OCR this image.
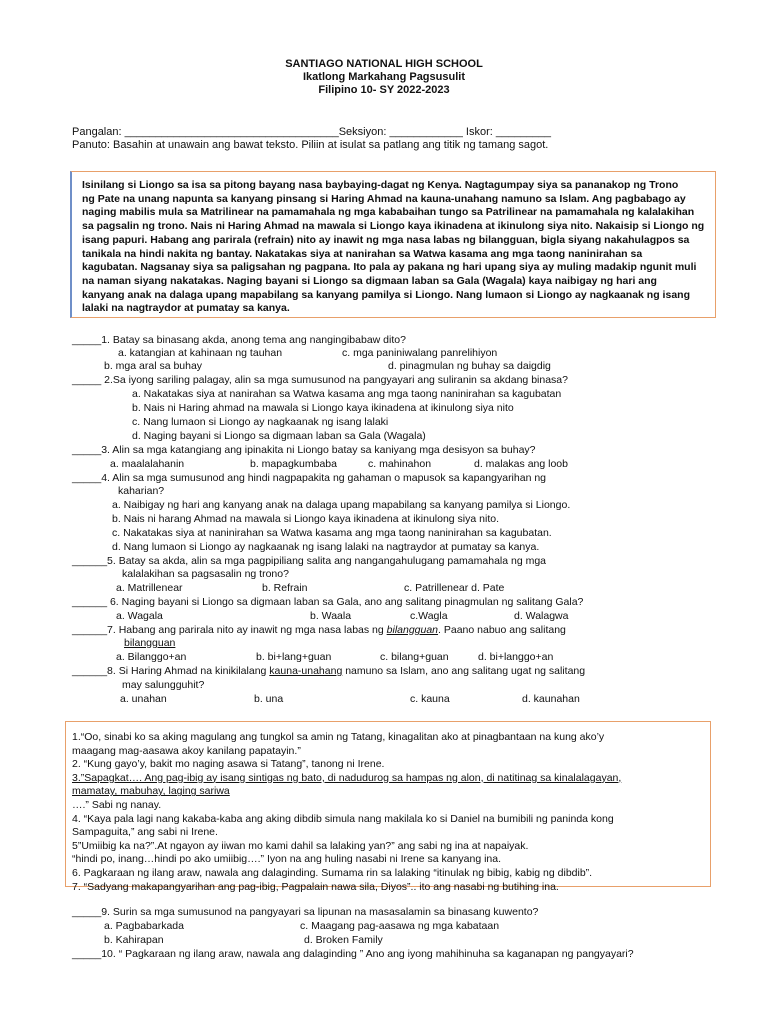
SANTIAGO NATIONAL HIGH SCHOOL
Ikatlong Markahang Pagsusulit
Filipino 10- SY 2022-2023
Pangalan: ___________________________________Seksiyon: ____________ Iskor: _________
Panuto: Basahin at unawain ang bawat teksto. Piliin at isulat sa patlang ang titik ng tamang sagot.
Isinilang si Liongo sa isa sa pitong bayang nasa baybaying-dagat ng Kenya. Nagtagumpay siya sa pananakop ng Trono
ng Pate na unang napunta sa kanyang pinsang si Haring Ahmad na kauna-unahang namuno sa Islam. Ang pagbabago ay
naging mabilis mula sa Matrilinear na pamamahala ng mga kababaihan tungo sa Patrilinear na pamamahala ng kalalakihan
sa pagsalin ng trono. Nais ni Haring Ahmad na mawala si Liongo kaya ikinadena at ikinulong siya nito. Nakaisip si Liongo ng
isang papuri. Habang ang parirala (refrain) nito ay inawit ng mga nasa labas ng bilangguan, bigla siyang nakahulagpos sa
tanikala na hindi nakita ng bantay. Nakatakas siya at nanirahan sa Watwa kasama ang mga taong naninirahan sa
kagubatan. Nagsanay siya sa paligsahan ng pagpana. Ito pala ay pakana ng hari upang siya ay muling madakip ngunit muli
na naman siyang nakatakas. Naging bayani si Liongo sa digmaan laban sa Gala (Wagala) kaya naibigay ng hari ang
kanyang anak na dalaga upang mapabilang sa kanyang pamilya si Liongo. Nang lumaon si Liongo ay nagkaanak ng isang
lalaki na nagtraydor at pumatay sa kanya.
_____1. Batay sa binasang akda, anong tema ang nangingibabaw dito?
a. katangian at kahinaan ng tauhan	c. mga paniniwalang panrelihiyon
b. mga aral sa buhay	d. pinagmulan ng buhay sa daigdig
_____ 2.Sa iyong sariling palagay, alin sa mga sumusunod na pangyayari ang suliranin sa akdang binasa?
a. Nakatakas siya at nanirahan sa Watwa kasama ang mga taong naninirahan sa kagubatan
b. Nais ni Haring ahmad na mawala si Liongo kaya ikinadena at ikinulong siya nito
c. Nang lumaon si Liongo ay nagkaanak ng isang lalaki
d. Naging bayani si Liongo sa digmaan laban sa Gala (Wagala)
_____3. Alin sa mga katangiang ang ipinakita ni Liongo batay sa kaniyang mga desisyon sa buhay?
a. maalalahanin	b. mapagkumbaba	c. mahinahon	d. malakas ang loob
_____4. Alin sa mga sumusunod ang hindi nagpapakita ng gahaman o mapusok sa kapangyarihan ng
kaharian?
a. Naibigay ng hari ang kanyang anak na dalaga upang mapabilang sa kanyang pamilya si Liongo.
b. Nais ni harang Ahmad na mawala si Liongo kaya ikinadena at ikinulong siya nito.
c. Nakatakas siya at naninirahan sa Watwa kasama ang mga taong naninirahan sa kagubatan.
d. Nang lumaon si Liongo ay nagkaanak ng isang lalaki na nagtraydor at pumatay sa kanya.
______5. Batay sa akda, alin sa mga pagpipiliang salita ang nangangahulugang pamamahala ng mga
kalalakihan sa pagsasalin ng trono?
a. Matrillenear	b. Refrain	c. Patrillenear d. Pate
______ 6. Naging bayani si Liongo sa digmaan laban sa Gala, ano ang salitang pinagmulan ng salitang Gala?
a. Wagala	b. Waala	c.Wagla	d. Walagwa
______7. Habang ang parirala nito ay inawit ng mga nasa labas ng bilangguan. Paano nabuo ang salitang
bilangguan
a. Bilanggo+an	b. bi+lang+guan	c. bilang+guan	d. bi+langgo+an
______8. Si Haring Ahmad na kinikilalang kauna-unahang namuno sa Islam, ano ang salitang ugat ng salitang
may salungguhit?
a. unahan	b. una	c. kauna	d. kaunahan
1.“Oo, sinabi ko sa aking magulang ang tungkol sa amin ng Tatang, kinagalitan ako at pinagbantaan na kung ako’y
maagang mag-aasawa akoy kanilang papatayin.”
2. “Kung gayo’y, bakit mo naging asawa si Tatang”, tanong ni Irene.
3.”Sapagkat…. Ang pag-ibig ay isang sintigas ng bato, di nadudurog sa hampas ng alon, di natitinag sa kinalalagayan,
mamatay, mabuhay, laging sariwa
….” Sabi ng nanay.
4. “Kaya pala lagi nang kakaba-kaba ang aking dibdib simula nang makilala ko si Daniel na bumibili ng paninda kong
Sampaguita,” ang sabi ni Irene.
5”Umiibig ka na?”.At ngayon ay iiwan mo kami dahil sa lalaking yan?” ang sabi ng ina at napaiyak.
“hindi po, inang…hindi po ako umiibig….” Iyon na ang huling nasabi ni Irene sa kanyang ina.
6. Pagkaraan ng ilang araw, nawala ang dalaginding. Sumama rin sa lalaking “itinulak ng bibig, kabig ng dibdib”.
7. “Sadyang makapangyarihan ang pag-ibig, Pagpalain nawa sila, Diyos”.. ito ang nasabi ng butihing ina.
_____9. Surin sa mga sumusunod na pangyayari sa lipunan na masasalamin sa binasang kuwento?
a. Pagbabarkada	c. Maagang pag-aasawa ng mga kabataan
b. Kahirapan	d. Broken Family
_____10. “ Pagkaraan ng ilang araw, nawala ang dalaginding ” Ano ang iyong mahihinuha sa kaganapan ng pangyayari?
